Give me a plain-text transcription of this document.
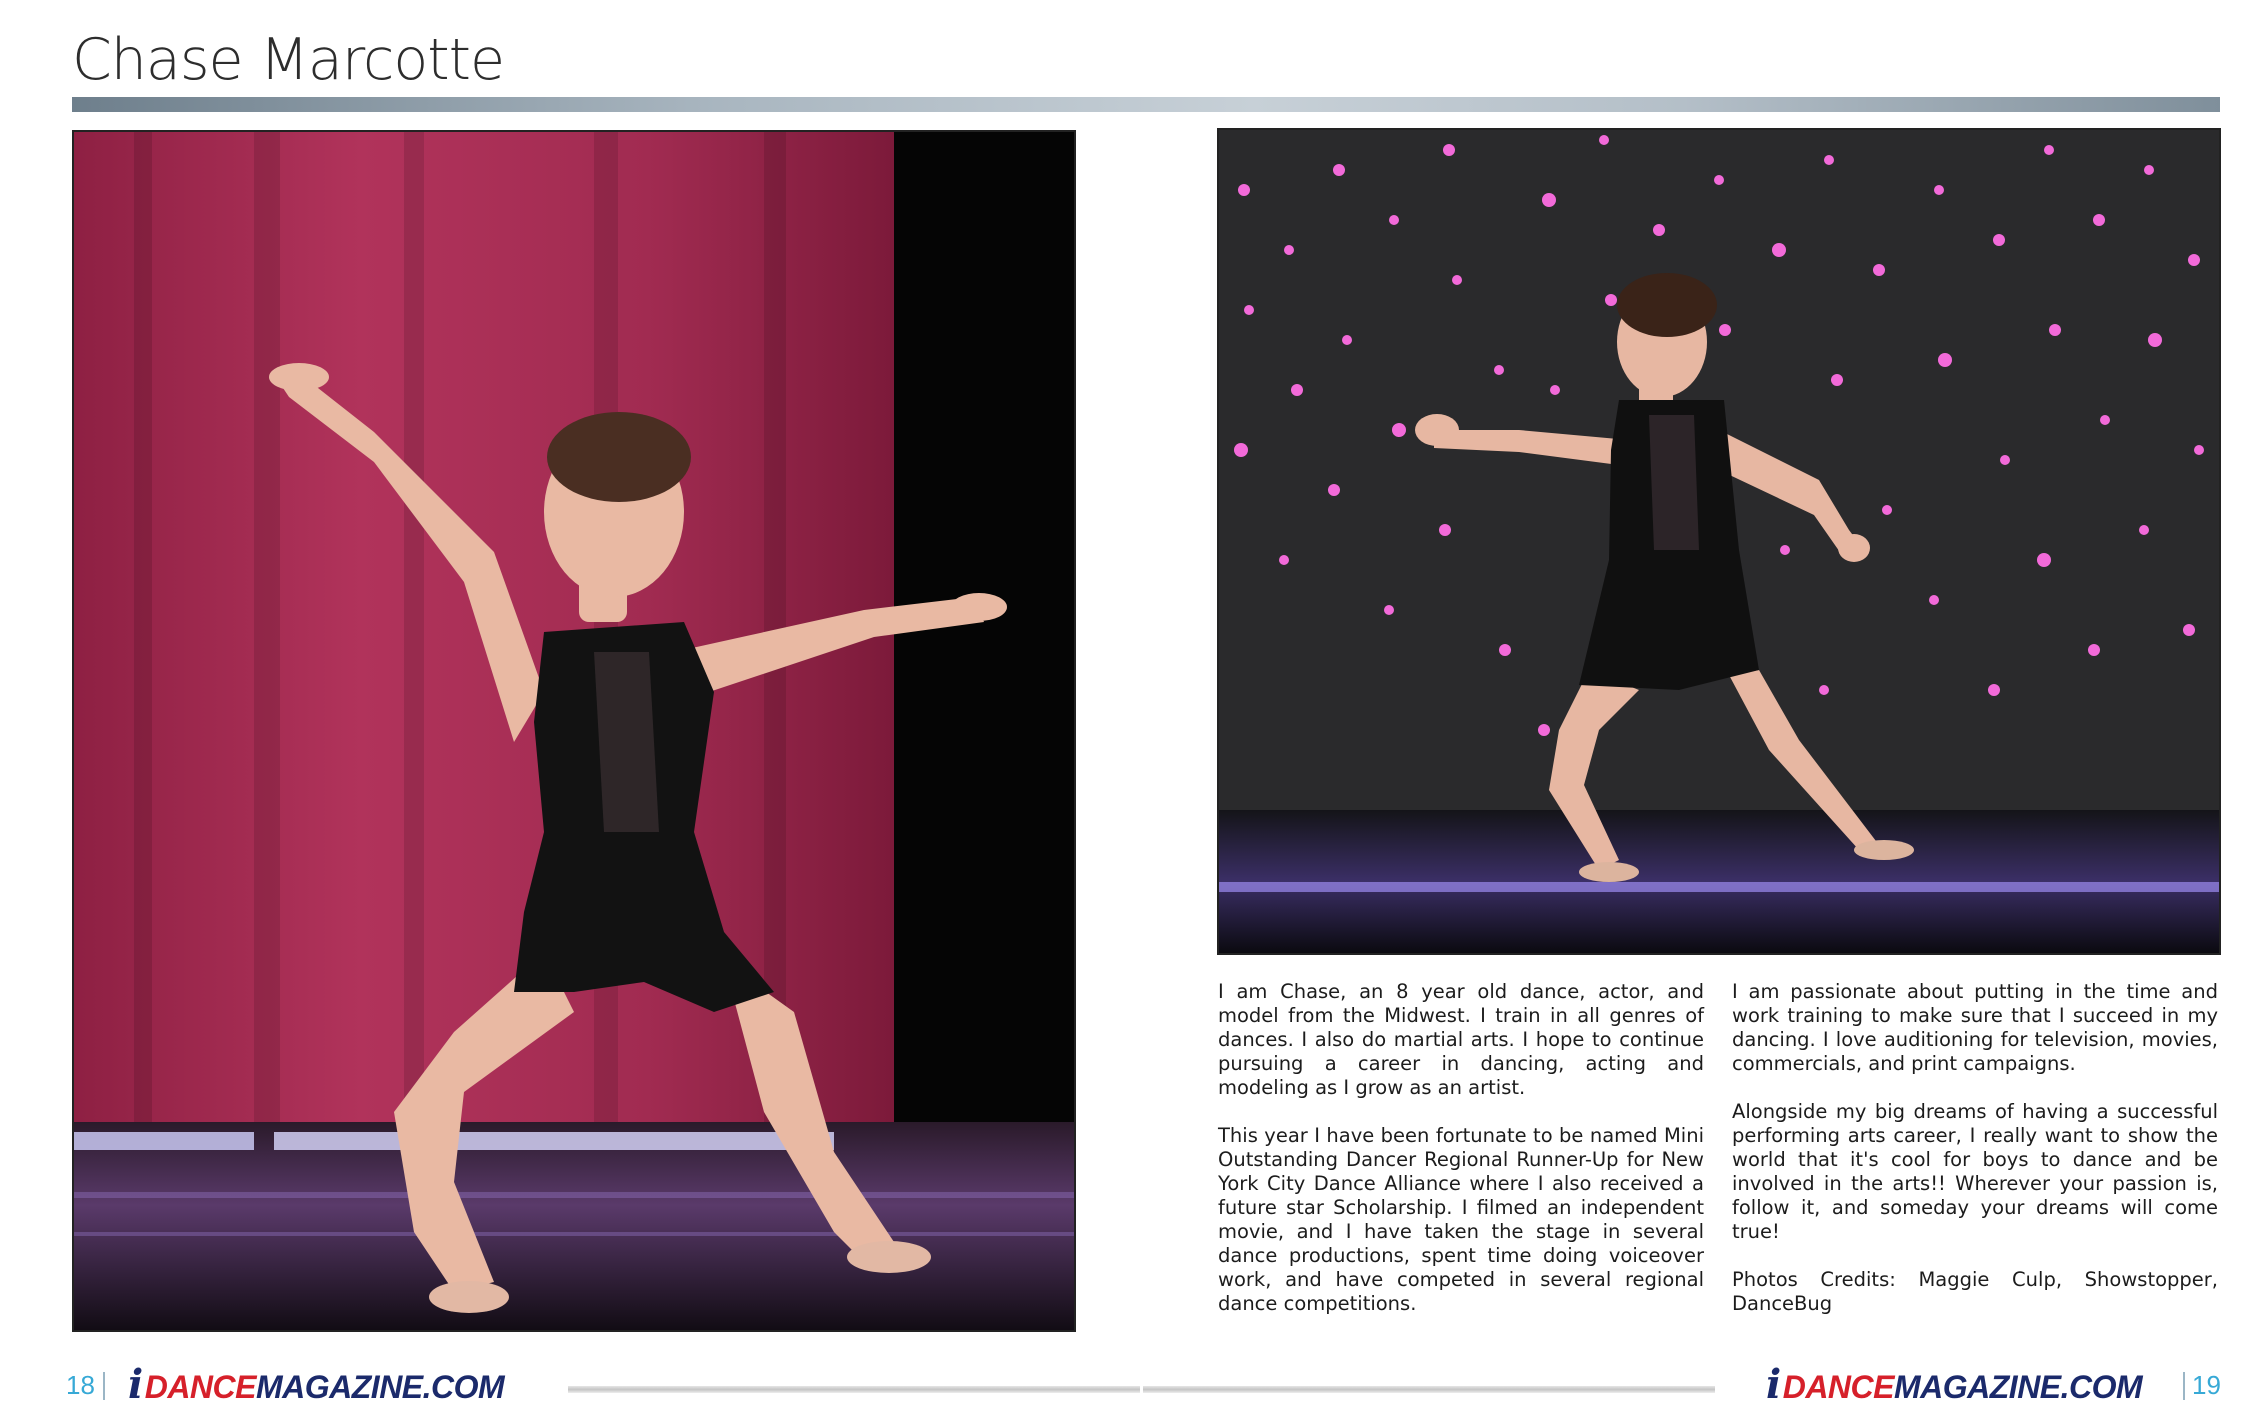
Chase Marcotte

I am Chase, an 8 year old dance, actor, and model from the Midwest. I train in all genres of dances. I also do martial arts. I hope to continue pursuing a career in dancing, acting and modeling as I grow as an artist.

This year I have been fortunate to be named Mini Outstanding Dancer Regional Runner-Up for New York City Dance Alliance where I also received a future star Scholarship. I filmed an independent movie, and I have taken the stage in several dance productions, spent time doing voiceover work, and have competed in several regional dance competitions.

I am passionate about putting in the time and work training to make sure that I succeed in my dancing. I love auditioning for television, movies, commercials, and print campaigns.

Alongside my big dreams of having a successful performing arts career, I really want to show the world that it's cool for boys to dance and be involved in the arts!! Wherever your passion is, follow it, and someday your dreams will come true!

Photos Credits: Maggie Culp, Showstopper, DanceBug

18 iDANCEMAGAZINE.COM	iDANCEMAGAZINE.COM 19
